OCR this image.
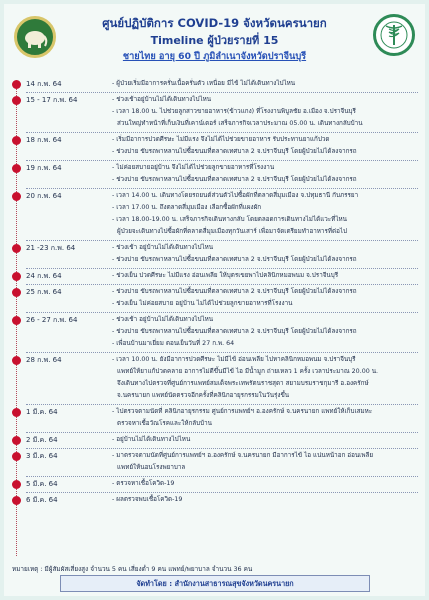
ศูนย์ปฏิบัติการ COVID-19 จังหวัดนครนายก
Timeline ผู้ป่วยรายที่ 15
ชายไทย อายุ 60 ปี ภูมิลำเนาจังหวัดปราจีนบุรี
14 ก.พ. 64	- ผู้ป่วยเริ่มมีอาการครั่นเนื้อครั่นตัว เหนื่อย มีไข้ ไม่ได้เดินทางไปไหน
15 - 17 ก.พ. 64	- ช่วงเช้าอยู่บ้านไม่ได้เดินทางไปไหน
- เวลา 18.00 น. ไปช่วยลูกสาวขายอาหาร(ข้าวแกง) ที่โรงงานพิบูลชัย อ.เมือง จ.ปราจีนบุรี
ส่วนใหญ่ทำหน้าที่เก็บเงินที่เคาน์เตอร์ เสร็จภารกิจเวลาประมาณ 05.00 น. เดินทางกลับบ้าน
18 ก.พ. 64	- เริ่มมีอาการปวดศีรษะ ไม่มีแรง จึงไม่ได้ไปช่วยขายอาหาร รับประทานยาแก้ปวด
- ช่วงบ่าย ขับรถพาหลานไปซื้อขนมที่ตลาดเทศบาล 2 จ.ปราจีนบุรี โดยผู้ป่วยไม่ได้ลงจากรถ
19 ก.พ. 64	- ไม่ค่อยสบายอยู่บ้าน จึงไม่ได้ไปช่วยลูกขายอาหารที่โรงงาน
- ช่วงบ่าย ขับรถพาหลานไปซื้อขนมที่ตลาดเทศบาล 2 จ.ปราจีนบุรี โดยผู้ป่วยไม่ได้ลงจากรถ
20 ก.พ. 64	- เวลา 14.00 น. เดินทางโดยรถยนต์ส่วนตัวไปซื้อผักที่ตลาดสี่มุมเมือง จ.ปทุมธานี กับภรรยา
- เวลา 17.00 น. ถึงตลาดสี่มุมเมือง เลือกซื้อผักที่แผงผัก
- เวลา 18.00-19.00 น. เสร็จภารกิจเดินทางกลับ โดยตลอดการเดินทางไม่ได้แวะที่ไหน
ผู้ป่วยจะเดินทางไปซื้อผักที่ตลาดสี่มุมเมืองทุกวันเสาร์ เพื่อมาจัดเตรียมทำอาหารที่ต่อไป
21 -23 ก.พ. 64	- ช่วงเช้า อยู่บ้านไม่ได้เดินทางไปไหน
- ช่วงบ่าย ขับรถพาหลานไปซื้อขนมที่ตลาดเทศบาล 2 จ.ปราจีนบุรี โดยผู้ป่วยไม่ได้ลงจากรถ
24 ก.พ. 64	- ช่วงเย็น ปวดศีรษะ ไม่มีแรง อ่อนเพลีย ให้บุตรเขยพาไปคลินิกหมอพนม จ.ปราจีนบุรี
25 ก.พ. 64	- ช่วงบ่าย ขับรถพาหลานไปซื้อขนมที่ตลาดเทศบาล 2 จ.ปราจีนบุรี โดยผู้ป่วยไม่ได้ลงจากรถ
- ช่วงเย็น ไม่ค่อยสบาย อยู่บ้าน ไม่ได้ไปช่วยลูกขายอาหารที่โรงงาน
26 - 27 ก.พ. 64	- ช่วงเช้า อยู่บ้านไม่ได้เดินทางไปไหน
- ช่วงบ่าย ขับรถพาหลานไปซื้อขนมที่ตลาดเทศบาล 2 จ.ปราจีนบุรี โดยผู้ป่วยไม่ได้ลงจากรถ
- เพื่อนบ้านมาเยี่ยม ตอนเย็นวันที่ 27 ก.พ. 64
28 ก.พ. 64	- เวลา 10.00 น. ยังมีอาการปวดศีรษะ ไม่มีไข้ อ่อนเพลีย ไปหาคลินิกหมอพนม จ.ปราจีนบุรี
แพทย์ให้ยาแก้ปวดคลาย อาการไม่ดีขึ้นมีไข้ ไอ มีน้ำมูก ถ่ายเหลว 1 ครั้ง เวลาประมาณ 20.00 น.
จึงเดินทางไปตรวจที่ศูนย์การแพทย์สมเด็จพระเทพรัตนราชสุดา สยามบรมราชกุมารี อ.องครักษ์
จ.นครนายก แพทย์นัดตรวจอีกครั้งที่คลินิกอายุรกรรมในวันรุ่งขึ้น
1 มี.ค. 64	- ไปตรวจตามนัดที่ คลินิกอายุรกรรม ศูนย์การแพทย์ฯ อ.องครักษ์ จ.นครนายก แพทย์ให้เก็บเสมหะ
ตรวจหาเชื้อวัณโรคและให้กลับบ้าน
2 มี.ค. 64	- อยู่บ้านไม่ได้เดินทางไปไหน
3 มี.ค. 64	- มาตรวจตามนัดที่ศูนย์การแพทย์ฯ อ.องครักษ์ จ.นครนายก มีอาการไข้ ไอ แน่นหน้าอก อ่อนเพลีย
แพทย์ให้นอนโรงพยาบาล
5 มี.ค. 64	- ตรวจหาเชื้อโควิด-19
6 มี.ค. 64	- ผลตรวจพบเชื้อโควิด-19
หมายเหตุ : มีผู้สัมผัสเสี่ยงสูง จำนวน 5 คน เสี่ยงต่ำ 9 คน แพทย์/พยาบาล จำนวน 36 คน
จัดทำโดย : สำนักงานสาธารณสุขจังหวัดนครนายก
